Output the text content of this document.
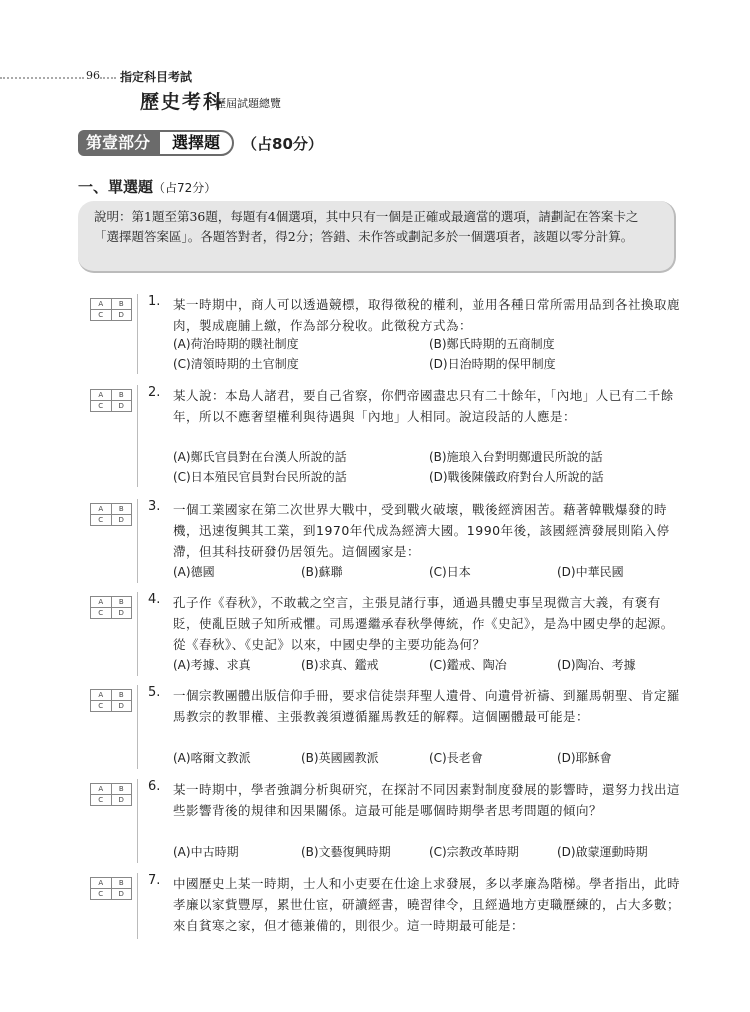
96 指定科目考試
歷史考科
歷屆試題總覽
第壹部分	選擇題	（占80分）
一、單選題（占72分）
說明：第1題至第36題，每題有4個選項，其中只有一個是正確或最適當的選項，請劃記在答案卡之「選擇題答案區」。各題答對者，得2分；答錯、未作答或劃記多於一個選項者，該題以零分計算。
A	B
C	D
1. 某一時期中，商人可以透過競標，取得徵稅的權利，並用各種日常所需用品到各社換取鹿肉，製成鹿脯上繳，作為部分稅收。此徵稅方式為：
(A)荷治時期的贌社制度	(B)鄭氏時期的五商制度
(C)清領時期的土官制度	(D)日治時期的保甲制度
A	B
C	D
2. 某人說：本島人諸君，要自己省察，你們帝國盡忠只有二十餘年，「內地」人已有二千餘年，所以不應奢望權利與待遇與「內地」人相同。說這段話的人應是：
(A)鄭氏官員對在台漢人所說的話	(B)施琅入台對明鄭遺民所說的話
(C)日本殖民官員對台民所說的話	(D)戰後陳儀政府對台人所說的話
A	B
C	D
3. 一個工業國家在第二次世界大戰中，受到戰火破壞，戰後經濟困苦。藉著韓戰爆發的時機，迅速復興其工業，到1970年代成為經濟大國。1990年後，該國經濟發展則陷入停滯，但其科技研發仍居領先。這個國家是：
(A)德國	(B)蘇聯	(C)日本	(D)中華民國
A	B
C	D
4. 孔子作《春秋》，不敢載之空言，主張見諸行事，通過具體史事呈現微言大義，有褒有貶，使亂臣賊子知所戒懼。司馬遷繼承春秋學傳統，作《史記》，是為中國史學的起源。從《春秋》、《史記》以來，中國史學的主要功能為何？
(A)考據、求真	(B)求真、鑑戒	(C)鑑戒、陶冶	(D)陶冶、考據
A	B
C	D
5. 一個宗教團體出版信仰手冊，要求信徒崇拜聖人遺骨、向遺骨祈禱、到羅馬朝聖、肯定羅馬教宗的教罪權、主張教義須遵循羅馬教廷的解釋。這個團體最可能是：
(A)喀爾文教派	(B)英國國教派	(C)長老會	(D)耶穌會
A	B
C	D
6. 某一時期中，學者強調分析與研究，在探討不同因素對制度發展的影響時，還努力找出這些影響背後的規律和因果關係。這最可能是哪個時期學者思考問題的傾向？
(A)中古時期	(B)文藝復興時期	(C)宗教改革時期	(D)啟蒙運動時期
A	B
C	D
7. 中國歷史上某一時期，士人和小吏要在仕途上求發展，多以孝廉為階梯。學者指出，此時孝廉以家貲豐厚，累世仕宦，研讀經書，曉習律令，且經過地方吏職歷練的，占大多數；來自貧寒之家，但才德兼備的，則很少。這一時期最可能是：
